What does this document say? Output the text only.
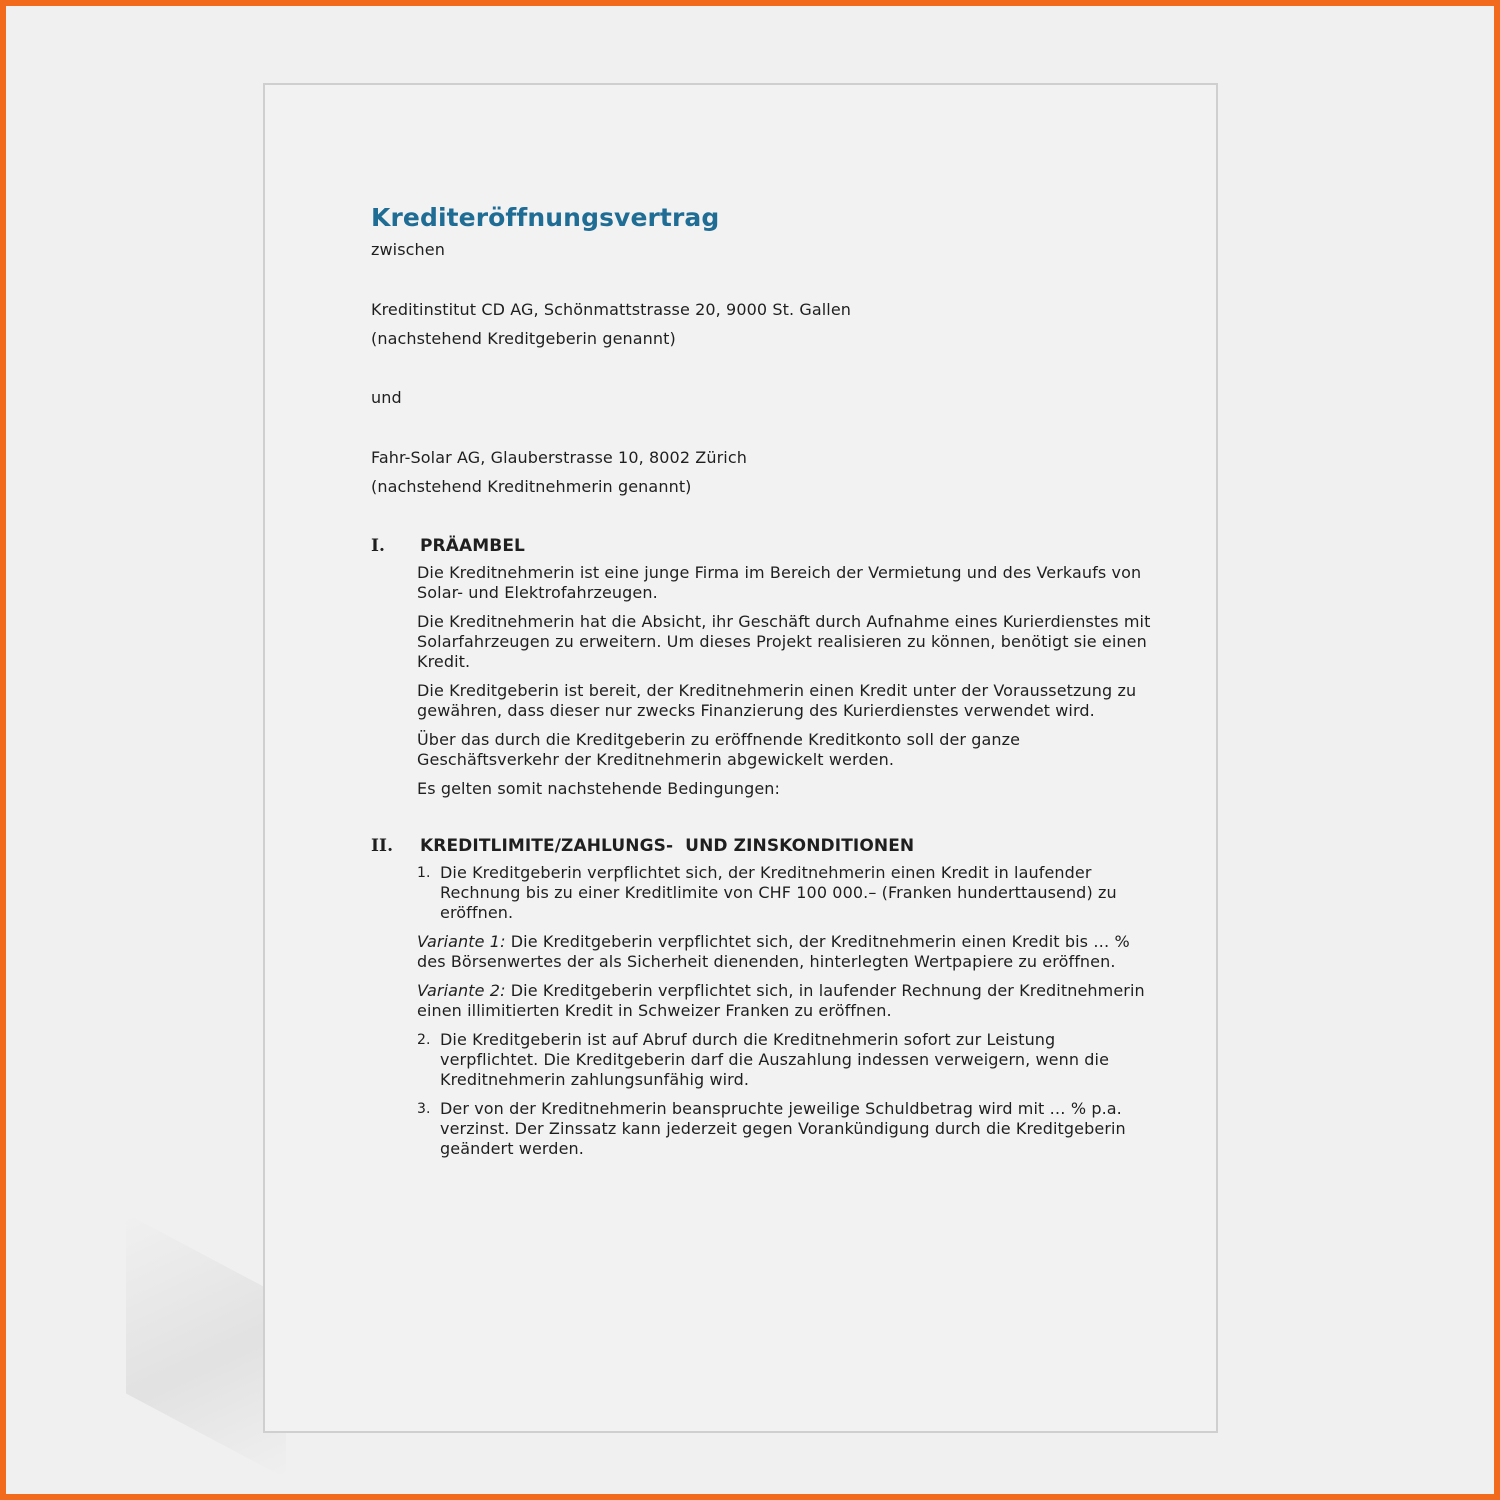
Krediteröffnungsvertrag

zwischen

Kreditinstitut CD AG, Schönmattstrasse 20, 9000 St. Gallen

(nachstehend Kreditgeberin genannt)

und

Fahr-Solar AG, Glauberstrasse 10, 8002 Zürich

(nachstehend Kreditnehmerin genannt)

I.	PRÄAMBEL

Die Kreditnehmerin ist eine junge Firma im Bereich der Vermietung und des Verkaufs von Solar- und Elektrofahrzeugen.

Die Kreditnehmerin hat die Absicht, ihr Geschäft durch Aufnahme eines Kurierdienstes mit Solarfahrzeugen zu erweitern. Um dieses Projekt realisieren zu können, benötigt sie einen Kredit.

Die Kreditgeberin ist bereit, der Kreditnehmerin einen Kredit unter der Voraussetzung zu gewähren, dass dieser nur zwecks Finanzierung des Kurierdienstes verwendet wird.

Über das durch die Kreditgeberin zu eröffnende Kreditkonto soll der ganze Geschäftsverkehr der Kreditnehmerin abgewickelt werden.

Es gelten somit nachstehende Bedingungen:

II.	KREDITLIMITE/ZAHLUNGS-  UND ZINSKONDITIONEN
1. Die Kreditgeberin verpflichtet sich, der Kreditnehmerin einen Kredit in laufender Rechnung bis zu einer Kreditlimite von CHF 100 000.– (Franken hunderttausend) zu eröffnen.

Variante 1: Die Kreditgeberin verpflichtet sich, der Kreditnehmerin einen Kredit bis … % des Börsenwertes der als Sicherheit dienenden, hinterlegten Wertpapiere zu eröffnen.

Variante 2: Die Kreditgeberin verpflichtet sich, in laufender Rechnung der Kreditnehmerin einen illimitierten Kredit in Schweizer Franken zu eröffnen.

2. Die Kreditgeberin ist auf Abruf durch die Kreditnehmerin sofort zur Leistung verpflichtet. Die Kreditgeberin darf die Auszahlung indessen verweigern, wenn die Kreditnehmerin zahlungsunfähig wird.
3. Der von der Kreditnehmerin beanspruchte jeweilige Schuldbetrag wird mit … % p.a. verzinst. Der Zinssatz kann jederzeit gegen Vorankündigung durch die Kreditgeberin geändert werden.
